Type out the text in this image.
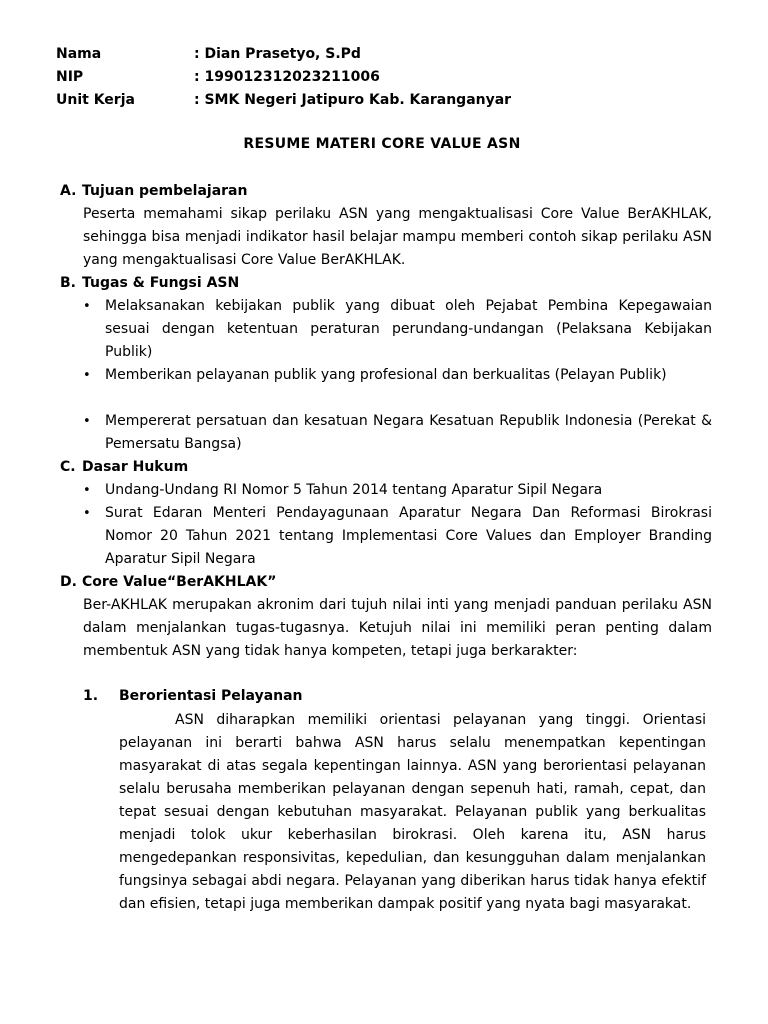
Nama	: Dian Prasetyo, S.Pd
NIP	: 199012312023211006
Unit Kerja	: SMK Negeri Jatipuro Kab. Karanganyar
RESUME MATERI CORE VALUE ASN
A. Tujuan pembelajaran
Peserta memahami sikap perilaku ASN yang mengaktualisasi Core Value BerAKHLAK, sehingga bisa menjadi indikator hasil belajar mampu memberi contoh sikap perilaku ASN yang mengaktualisasi Core Value BerAKHLAK.
B. Tugas & Fungsi ASN
• Melaksanakan kebijakan publik yang dibuat oleh Pejabat Pembina Kepegawaian sesuai dengan ketentuan peraturan perundang-undangan (Pelaksana Kebijakan Publik)
• Memberikan pelayanan publik yang profesional dan berkualitas (Pelayan Publik)
• Mempererat persatuan dan kesatuan Negara Kesatuan Republik Indonesia (Perekat & Pemersatu Bangsa)
C. Dasar Hukum
• Undang-Undang RI Nomor 5 Tahun 2014 tentang Aparatur Sipil Negara
• Surat Edaran Menteri Pendayagunaan Aparatur Negara Dan Reformasi Birokrasi Nomor 20 Tahun 2021 tentang Implementasi Core Values dan Employer Branding Aparatur Sipil Negara
D. Core Value“BerAKHLAK”
Ber-AKHLAK merupakan akronim dari tujuh nilai inti yang menjadi panduan perilaku ASN dalam menjalankan tugas-tugasnya. Ketujuh nilai ini memiliki peran penting dalam membentuk ASN yang tidak hanya kompeten, tetapi juga berkarakter:
1. Berorientasi Pelayanan
ASN diharapkan memiliki orientasi pelayanan yang tinggi. Orientasi pelayanan ini berarti bahwa ASN harus selalu menempatkan kepentingan masyarakat di atas segala kepentingan lainnya. ASN yang berorientasi pelayanan selalu berusaha memberikan pelayanan dengan sepenuh hati, ramah, cepat, dan tepat sesuai dengan kebutuhan masyarakat. Pelayanan publik yang berkualitas menjadi tolok ukur keberhasilan birokrasi. Oleh karena itu, ASN harus mengedepankan responsivitas, kepedulian, dan kesungguhan dalam menjalankan fungsinya sebagai abdi negara. Pelayanan yang diberikan harus tidak hanya efektif dan efisien, tetapi juga memberikan dampak positif yang nyata bagi masyarakat.
